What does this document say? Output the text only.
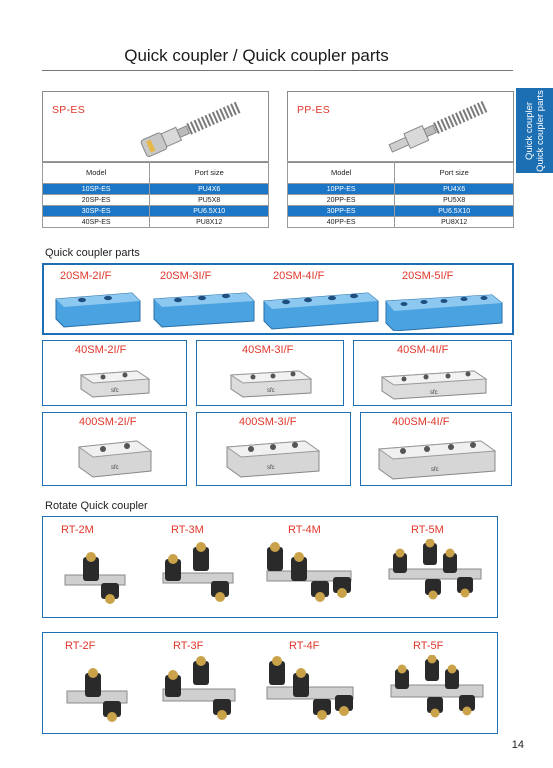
Quick coupler / Quick coupler parts
Quick coupler Quick coupler parts
SP-ES
Model	Port size
10SP-ES	PU4X6
20SP-ES	PU5X8
30SP-ES	PU6.5X10
40SP-ES	PU8X12
PP-ES
Model	Port size
10PP-ES	PU4X6
20PP-ES	PU5X8
30PP-ES	PU6.5X10
40PP-ES	PU8X12
Quick coupler parts
20SM-2I/F	20SM-3I/F	20SM-4I/F	20SM-5I/F
40SM-2I/F
sfc
40SM-3I/F
sfc
40SM-4I/F
sfc
400SM-2I/F
sfc
400SM-3I/F
sfc
400SM-4I/F
sfc
Rotate Quick coupler
RT-2M	RT-3M	RT-4M	RT-5M
RT-2F	RT-3F	RT-4F	RT-5F
14
